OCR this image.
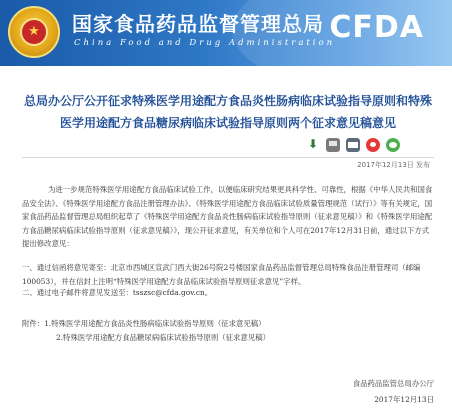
★	国家食品药品监督管理总局
China Food and Drug Administration
CFDA
总局办公厅公开征求特殊医学用途配方食品炎性肠病临床试验指导原则和特殊医学用途配方食品糖尿病临床试验指导原则两个征求意见稿意见
⬇
2017年12月13日 发布
为进一步规范特殊医学用途配方食品临床试验工作，以便临床研究结果更具科学性、可靠性，根据《中华人民共和国食品安全法》、《特殊医学用途配方食品注册管理办法》、《特殊医学用途配方食品临床试验质量管理规范（试行）》等有关规定，国家食品药品监督管理总局组织起草了《特殊医学用途配方食品炎性肠病临床试验指导原则（征求意见稿）》和《特殊医学用途配方食品糖尿病临床试验指导原则（征求意见稿）》，现公开征求意见，有关单位和个人可在2017年12月31日前，通过以下方式提出修改意见：
一、通过信函将意见寄至：北京市西城区宣武门西大街26号院2号楼国家食品药品监督管理总局特殊食品注册管理司（邮编100053），并在信封上注明“特殊医学用途配方食品临床试验指导原则征求意见”字样。
二、通过电子邮件将意见发送至：tsszsc@cfda.gov.cn。
附件：1.特殊医学用途配方食品炎性肠病临床试验指导原则（征求意见稿）
2.特殊医学用途配方食品糖尿病临床试验指导原则（征求意见稿）
食品药品监管总局办公厅
2017年12月13日
